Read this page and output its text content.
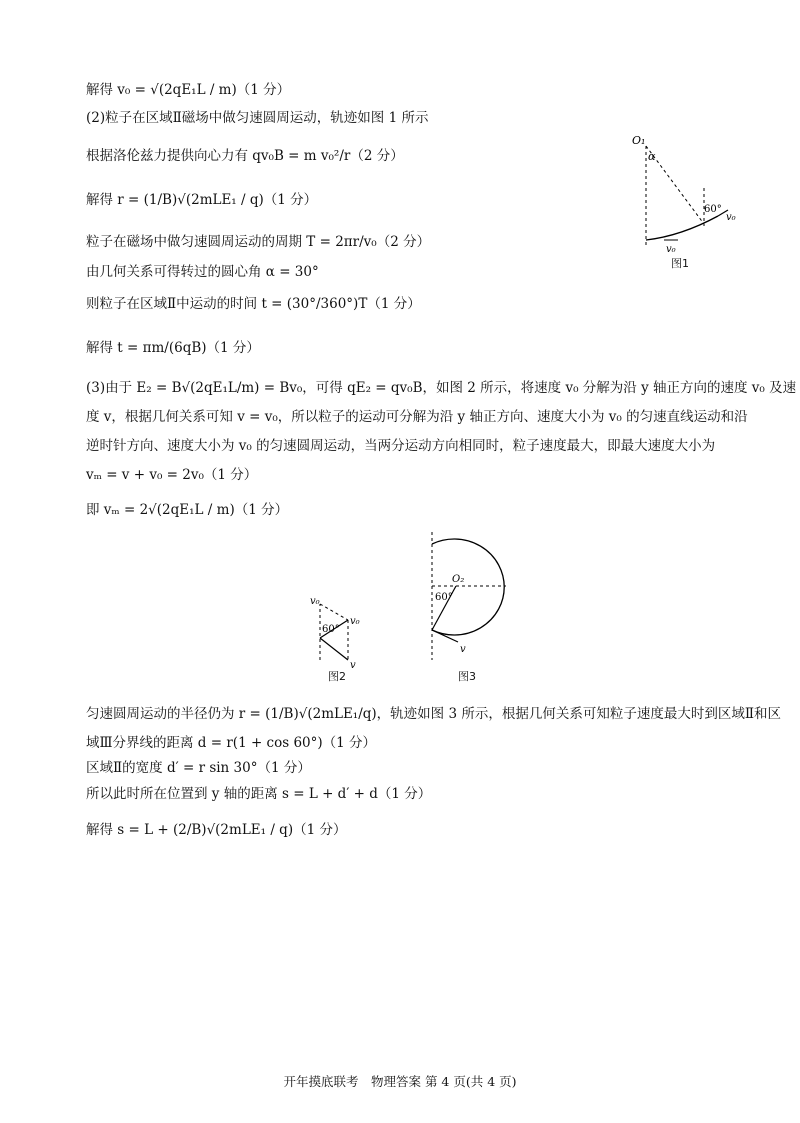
解得 v₀ = √(2qE₁L / m)（1 分）
(2)粒子在区域Ⅱ磁场中做匀速圆周运动，轨迹如图 1 所示
根据洛伦兹力提供向心力有 qv₀B = m v₀²/r（2 分）
解得 r = (1/B)√(2mLE₁ / q)（1 分）
粒子在磁场中做匀速圆周运动的周期 T = 2πr/v₀（2 分）
由几何关系可得转过的圆心角 α = 30°
则粒子在区域Ⅱ中运动的时间 t = (30°/360°)T（1 分）
解得 t = πm/(6qB)（1 分）
(3)由于 E₂ = B√(2qE₁L/m) = Bv₀，可得 qE₂ = qv₀B，如图 2 所示，将速度 v₀ 分解为沿 y 轴正方向的速度 v₀ 及速
度 v，根据几何关系可知 v = v₀，所以粒子的运动可分解为沿 y 轴正方向、速度大小为 v₀ 的匀速直线运动和沿
逆时针方向、速度大小为 v₀ 的匀速圆周运动，当两分运动方向相同时，粒子速度最大，即最大速度大小为
vₘ = v + v₀ = 2v₀（1 分）
即 vₘ = 2√(2qE₁L / m)（1 分）
O₁
α
60°
v₀
v₀
图1
v₀
v₀
60°
v
图2
O₂
60°
v
图3
匀速圆周运动的半径仍为 r = (1/B)√(2mLE₁/q)，轨迹如图 3 所示，根据几何关系可知粒子速度最大时到区域Ⅱ和区
域Ⅲ分界线的距离 d = r(1 + cos 60°)（1 分）
区域Ⅱ的宽度 d′ = r sin 30°（1 分）
所以此时所在位置到 y 轴的距离 s = L + d′ + d（1 分）
解得 s = L + (2/B)√(2mLE₁ / q)（1 分）
开年摸底联考　物理答案 第 4 页(共 4 页)
